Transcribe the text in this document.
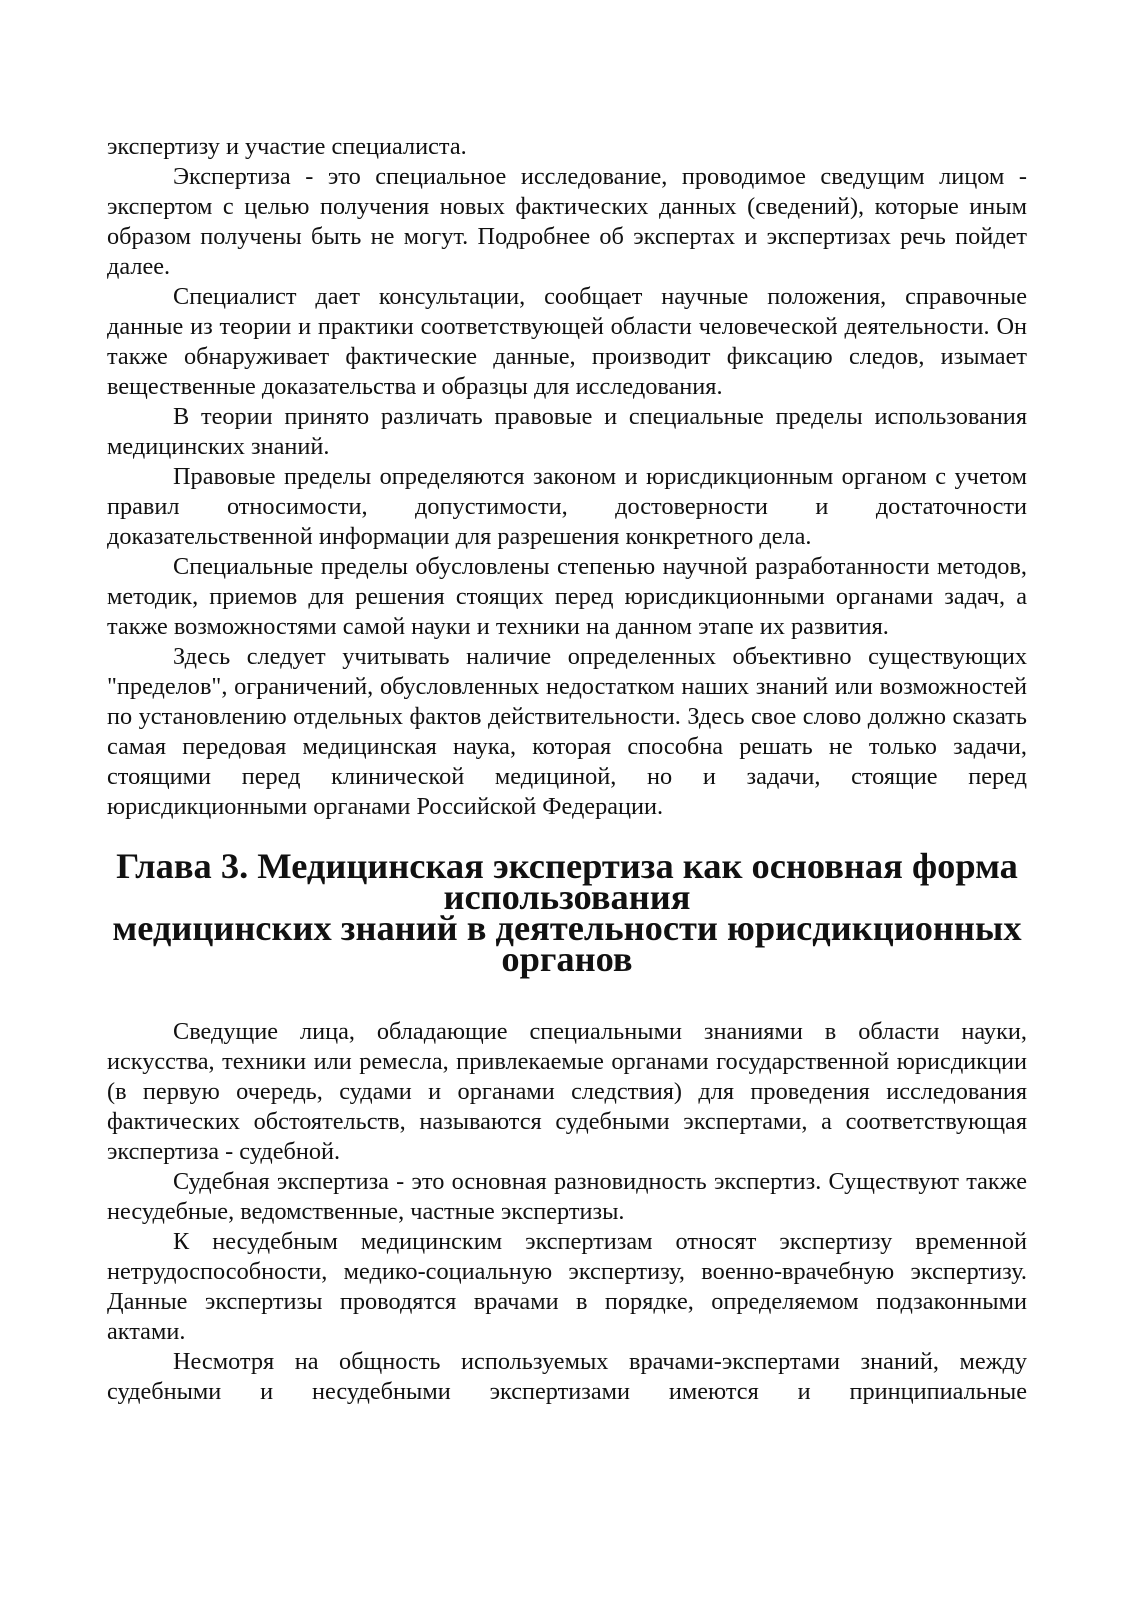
экспертизу и участие специалиста.

Экспертиза - это специальное исследование, проводимое сведущим лицом - экспертом с целью получения новых фактических данных (сведений), которые иным образом получены быть не могут. Подробнее об экспертах и экспертизах речь пойдет далее.

Специалист дает консультации, сообщает научные положения, справочные данные из теории и практики соответствующей области человеческой деятельности. Он также обнаруживает фактические данные, производит фиксацию следов, изымает вещественные доказательства и образцы для исследования.

В теории принято различать правовые и специальные пределы использования медицинских знаний.

Правовые пределы определяются законом и юрисдикционным органом с учетом правил относимости, допустимости, достоверности и достаточности доказательственной информации для разрешения конкретного дела.

Специальные пределы обусловлены степенью научной разработанности методов, методик, приемов для решения стоящих перед юрисдикционными органами задач, а также возможностями самой науки и техники на данном этапе их развития.

Здесь следует учитывать наличие определенных объективно существующих "пределов", ограничений, обусловленных недостатком наших знаний или возможностей по установлению отдельных фактов действительности. Здесь свое слово должно сказать самая передовая медицинская наука, которая способна решать не только задачи, стоящими перед клинической медициной, но и задачи, стоящие перед юрисдикционными органами Российской Федерации.

Глава 3. Медицинская экспертиза как основная форма использования
медицинских знаний в деятельности юрисдикционных органов

Сведущие лица, обладающие специальными знаниями в области науки, искусства, техники или ремесла, привлекаемые органами государственной юрисдикции (в первую очередь, судами и органами следствия) для проведения исследования фактических обстоятельств, называются судебными экспертами, а соответствующая экспертиза - судебной.

Судебная экспертиза - это основная разновидность экспертиз. Существуют также несудебные, ведомственные, частные экспертизы.

К несудебным медицинским экспертизам относят экспертизу временной нетрудоспособности, медико-социальную экспертизу, военно-врачебную экспертизу. Данные экспертизы проводятся врачами в порядке, определяемом подзаконными актами.

Несмотря на общность используемых врачами-экспертами знаний, между судебными и несудебными экспертизами имеются и принципиальные
